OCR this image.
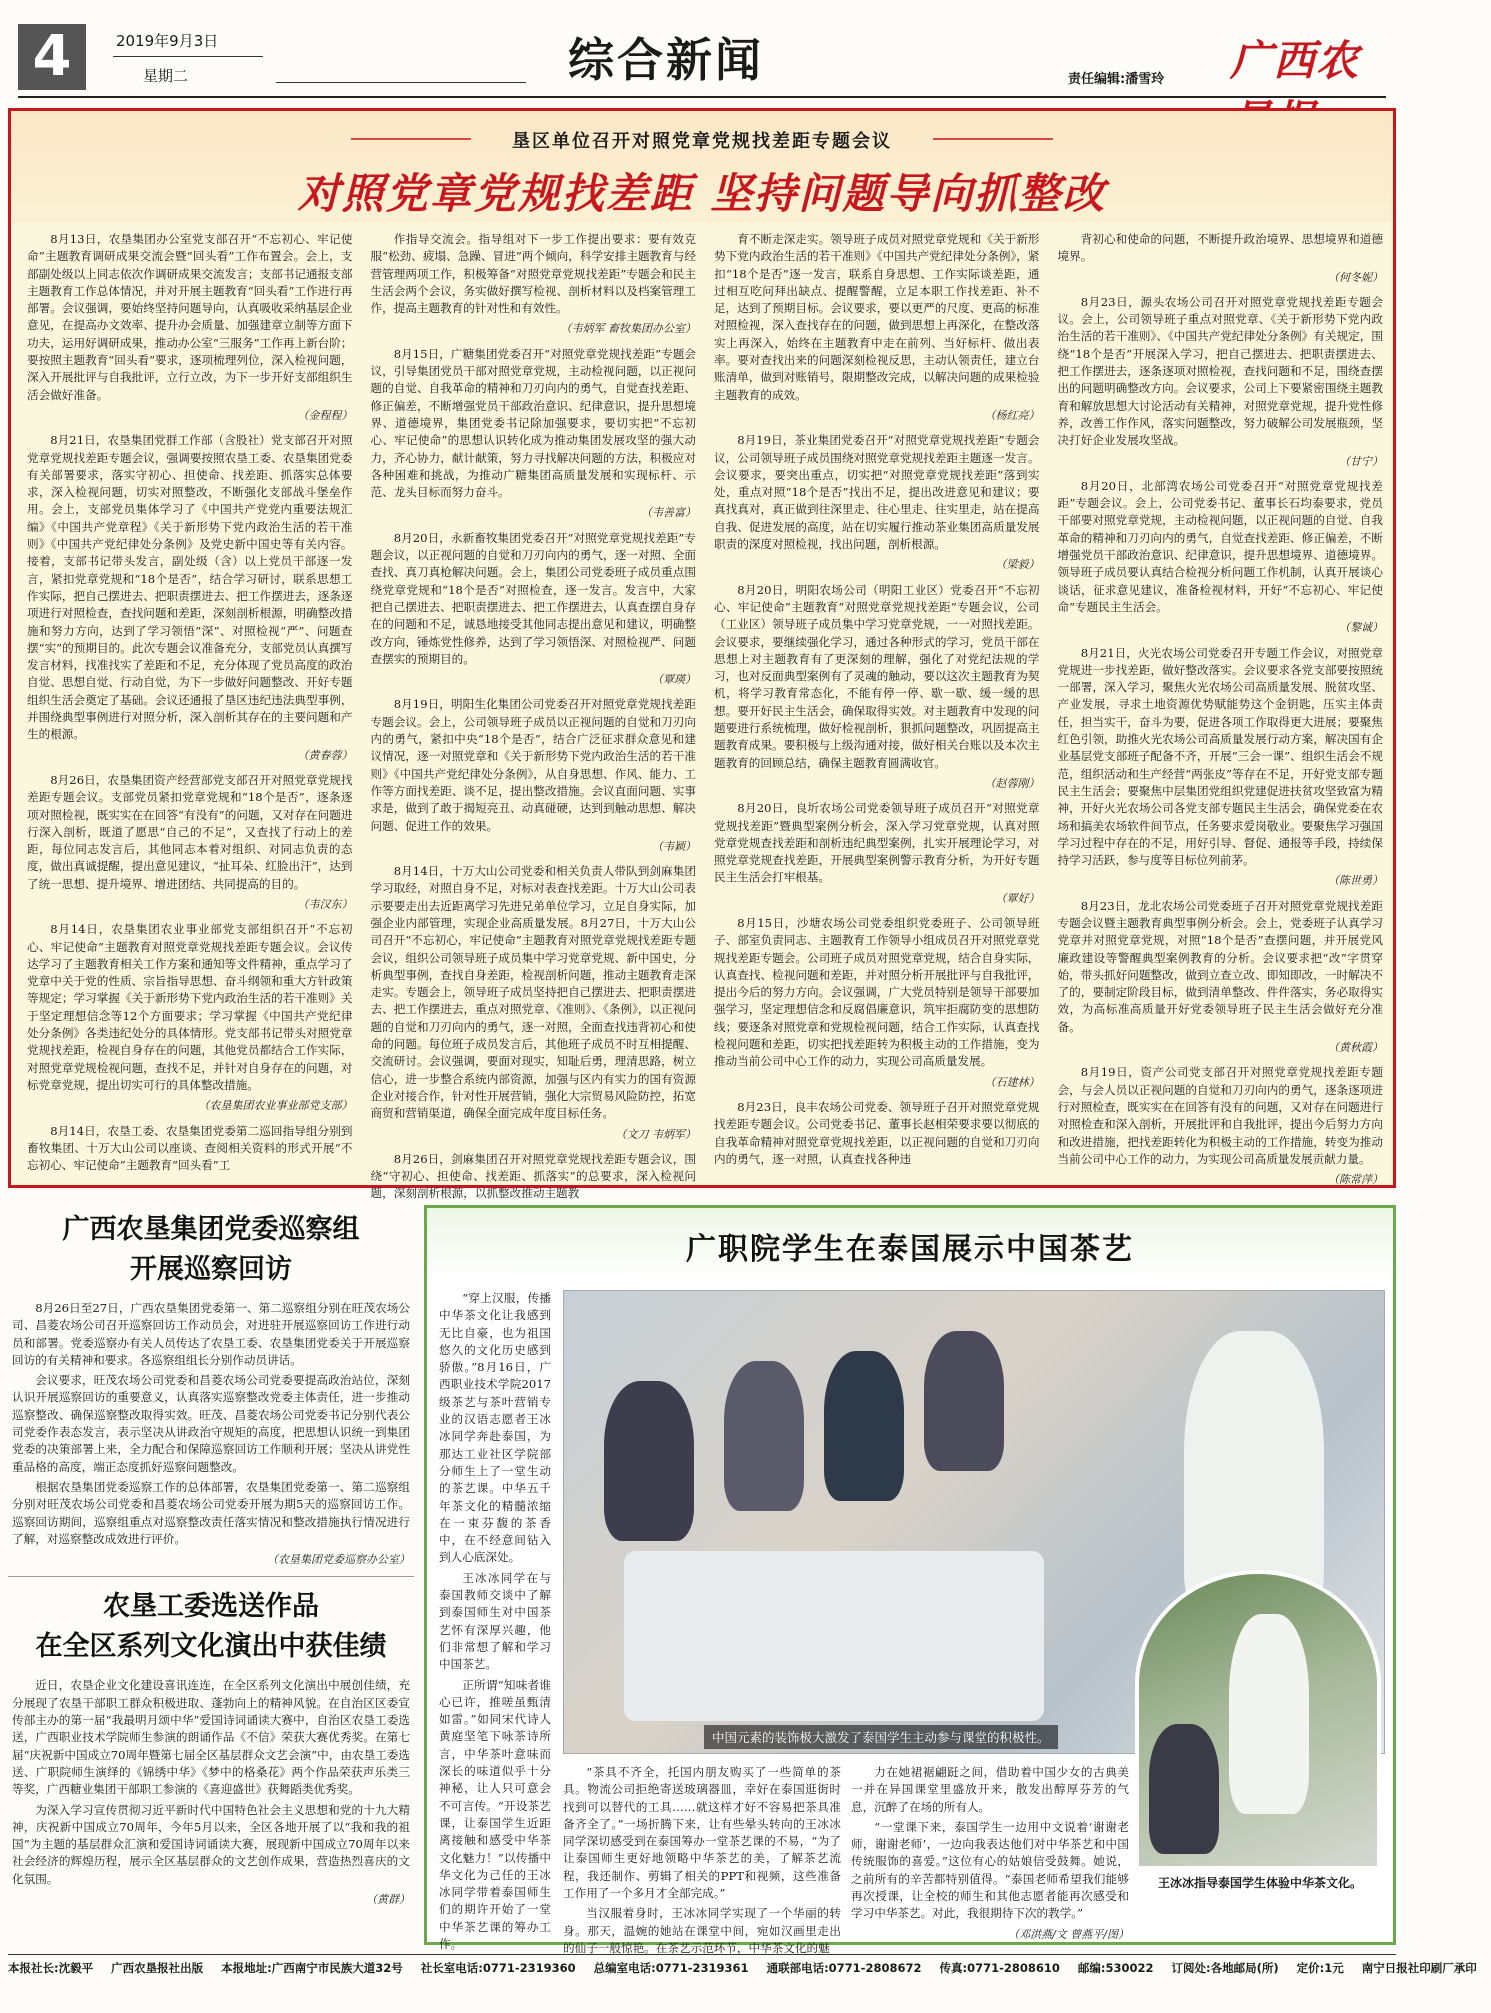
4	2019年9月3日
星期二	综合新闻	责任编辑:潘雪玲 广西农
垦区单位召开对照党章党规找差距专题会议
对照党章党规找差距 坚持问题导向抓整改

8月13日，农垦集团办公室党支部召开“不忘初心、牢记使命”主题教育调研成果交流会暨“回头看”工作布置会。会上，支部副处级以上同志依次作调研成果交流发言；支部书记通报支部主题教育工作总体情况，并对开展主题教育“回头看”工作进行再部署。会议强调，要始终坚持问题导向，认真吸收采纳基层企业意见，在提高办文效率、提升办会质量、加强建章立制等方面下功夫，运用好调研成果，推动办公室“三服务”工作再上新台阶；要按照主题教育“回头看”要求，逐项梳理列位，深入检视问题，深入开展批评与自我批评，立行立改，为下一步开好支部组织生活会做好准备。

（金程程）

8月21日，农垦集团党群工作部（含股社）党支部召开对照党章党规找差距专题会议，强调要按照农垦工委、农垦集团党委有关部署要求，落实守初心、担使命、找差距、抓落实总体要求，深入检视问题，切实对照整改，不断强化支部战斗堡垒作用。会上，支部党员集体学习了《中国共产党党内重要法规汇编》《中国共产党章程》《关于新形势下党内政治生活的若干准则》《中国共产党纪律处分条例》及党史新中国史等有关内容。接着，支部书记带头发言，副处级（含）以上党员干部逐一发言，紧扣党章党规和“18个是否”，结合学习研讨，联系思想工作实际，把自己摆进去、把职责摆进去、把工作摆进去，逐条逐项进行对照检查，查找问题和差距，深刻剖析根源，明确整改措施和努力方向，达到了学习领悟“深”、对照检视“严”、问题查摆“实”的预期目的。此次专题会议准备充分，支部党员认真撰写发言材料，找准找实了差距和不足，充分体现了党员高度的政治自觉、思想自觉、行动自觉，为下一步做好问题整改、开好专题组织生活会奠定了基础。会议还通报了垦区违纪违法典型事例，并围绕典型事例进行对照分析，深入剖析其存在的主要问题和产生的根源。

（黄春蓉）

8月26日，农垦集团资产经营部党支部召开对照党章党规找差距专题会议。支部党员紧扣党章党规和“18个是否”，逐条逐项对照检视，既实实在在回答“有没有”的问题，又对存在问题进行深入剖析，既道了愿思“自己的不足”，又查找了行动上的差距，每位同志发言后，其他同志本着对组织、对同志负责的态度，做出真诚提醒，提出意见建议，“扯耳朵、红脸出汗”，达到了统一思想、提升境界、增进团结、共同提高的目的。

（韦汉东）

8月14日，农垦集团农业事业部党支部组织召开“不忘初心、牢记使命”主题教育对照党章党规找差距专题会议。会议传达学习了主题教育相关工作方案和通知等文件精神，重点学习了党章中关于党的性质、宗旨指导思想、奋斗纲领和重大方针政策等规定；学习掌握《关于新形势下党内政治生活的若干准则》关于坚定理想信念等12个方面要求；学习掌握《中国共产党纪律处分条例》各类违纪处分的具体情形。党支部书记带头对照党章党规找差距，检视自身存在的问题，其他党员都结合工作实际，对照党章党规检视问题，查找不足，并针对自身存在的问题，对标党章党规，提出切实可行的具体整改措施。

（农垦集团农业事业部党支部）

8月14日，农垦工委、农垦集团党委第二巡回指导组分别到畜牧集团、十万大山公司以座谈、查阅相关资料的形式开展“不忘初心、牢记使命”主题教育“回头看”工

作指导交流会。指导组对下一步工作提出要求：要有效克服“松劲、疲塌、急躁、冒进”两个倾向，科学安排主题教育与经营管理两项工作，积极筹备“对照党章党规找差距”专题会和民主生活会两个会议，务实做好撰写检视、剖析材料以及档案管理工作，提高主题教育的针对性和有效性。

（韦炳军 畜牧集团办公室）

8月15日，广糖集团党委召开“对照党章党规找差距”专题会议，引导集团党员干部对照党章党规，主动检视问题，以正视问题的自觉、自我革命的精神和刀刃向内的勇气，自觉查找差距、修正偏差，不断增强党员干部政治意识、纪律意识，提升思想境界、道德境界，集团党委书记除加强要求，要切实把“不忘初心、牢记使命”的思想认识转化成为推动集团发展攻坚的强大动力，齐心协力，献计献策，努力寻找解决问题的方法，积极应对各种困难和挑战，为推动广糖集团高质量发展和实现标杆、示范、龙头目标而努力奋斗。

（韦善富）

8月20日，永新畜牧集团党委召开“对照党章党规找差距”专题会议，以正视问题的自觉和刀刃向内的勇气，逐一对照、全面查找、真刀真枪解决问题。会上，集团公司党委班子成员重点围绕党章党规和“18个是否”对照检查，逐一发言。发言中，大家把自己摆进去、把职责摆进去、把工作摆进去，认真查摆自身存在的问题和不足，诚恳地接受其他同志提出意见和建议，明确整改方向，锤炼党性修养，达到了学习领悟深、对照检视严、问题查摆实的预期目的。

（覃瑛）

8月19日，明阳生化集团公司党委召开对照党章党规找差距专题会议。会上，公司领导班子成员以正视问题的自觉和刀刃向内的勇气，紧扣中央“18个是否”，结合广泛征求群众意见和建议情况，逐一对照党章和《关于新形势下党内政治生活的若干准则》《中国共产党纪律处分条例》，从自身思想、作风、能力、工作等方面找差距、谈不足，提出整改措施。会议直面问题、实事求是，做到了敢于揭短亮丑、动真碰硬，达到到触动思想、解决问题、促进工作的效果。

（韦颖）

8月14日，十万大山公司党委和相关负责人带队到剑麻集团学习取经，对照自身不足，对标对表查找差距。十万大山公司表示要要走出去近距离学习先进兄弟单位学习，立足自身实际，加强企业内部管理，实现企业高质量发展。8月27日，十万大山公司召开“不忘初心，牢记使命”主题教育对照党章党规找差距专题会议，组织公司领导班子成员集中学习党章党规、新中国史，分析典型事例，查找自身差距，检视剖析问题，推动主题教育走深走实。专题会上，领导班子成员坚持把自己摆进去、把职责摆进去、把工作摆进去，重点对照党章、《准则》、《条例》，以正视问题的自觉和刀刃向内的勇气，逐一对照，全面查找违背初心和使命的问题。每位班子成员发言后，其他班子成员不时互相提醒、交流研讨。会议强调，要面对现实，知耻后勇，理清思路，树立信心，进一步整合系统内部资源，加强与区内有实力的国有资源企业对接合作，针对性开展营销，强化大宗贸易风险防控，拓宽商贸和营销渠道，确保全面完成年度目标任务。

（文刀 韦炳军）

8月26日，剑麻集团召开对照党章党规找差距专题会议，围绕“守初心、担使命、找差距、抓落实”的总要求，深入检视问题，深刻剖析根源，以抓整改推动主题教

育不断走深走实。领导班子成员对照党章党规和《关于新形势下党内政治生活的若干准则》《中国共产党纪律处分条例》，紧扣“18个是否”逐一发言，联系自身思想、工作实际谈差距，通过相互吃问拜出缺点、提醒警醒，立足本职工作找差距、补不足，达到了预期目标。会议要求，要以更严的尺度、更高的标准对照检视，深入查找存在的问题，做到思想上再深化，在整改落实上再深入，始终在主题教育中走在前列、当好标杆、做出表率。要对查找出来的问题深刻检视反思，主动认领责任，建立台账清单，做到对账销号，限期整改完成，以解决问题的成果检验主题教育的成效。

（杨红亮）

8月19日，茶业集团党委召开“对照党章党规找差距”专题会议，公司领导班子成员围绕对照党章党规找差距主题逐一发言。会议要求，要突出重点，切实把“对照党章党规找差距”落到实处，重点对照“18个是否”找出不足，提出改进意见和建议；要真找真对，真正做到往深里走、往心里走、往实里走，站在提高自我、促进发展的高度，站在切实履行推动茶业集团高质量发展职责的深度对照检视，找出问题，剖析根源。

（梁毅）

8月20日，明阳农场公司（明阳工业区）党委召开“不忘初心、牢记使命”主题教育“对照党章党规找差距”专题会议，公司（工业区）领导班子成员集中学习党章党规，一一对照找差距。会议要求，要继续强化学习，通过各种形式的学习，党员干部在思想上对主题教育有了更深刻的理解，强化了对党纪法规的学习，也对反面典型案例有了灵魂的触动，要以这次主题教育为契机，将学习教育常态化，不能有停一停、歇一歇、缓一缓的思想。要开好民主生活会，确保取得实效。对主题教育中发现的问题要进行系统梳理，做好检视剖析，狠抓问题整改，巩固提高主题教育成果。要积极与上级沟通对接，做好相关台账以及本次主题教育的回顾总结，确保主题教育圆满收官。

（赵蓉刚）

8月20日，良圻农场公司党委领导班子成员召开“对照党章党规找差距”暨典型案例分析会，深入学习党章党规，认真对照党章党规查找差距和剖析违纪典型案例，扎实开展理论学习，对照党章党规查找差距，开展典型案例警示教育分析，为开好专题民主生活会打牢根基。

（覃好）

8月15日，沙塘农场公司党委组织党委班子、公司领导班子、部室负责同志、主题教育工作领导小组成员召开对照党章党规找差距专题会。公司班子成员对照党章党规，结合自身实际，认真查找、检视问题和差距，并对照分析开展批评与自我批评，提出今后的努力方向。会议强调，广大党员特别是领导干部要加强学习，坚定理想信念和反腐倡廉意识，筑牢拒腐防变的思想防线；要逐条对照党章和党规检视问题，结合工作实际，认真查找检视问题和差距，切实把找差距转为积极主动的工作措施，变为推动当前公司中心工作的动力，实现公司高质量发展。

（石建林）

8月23日，良丰农场公司党委、领导班子召开对照党章党规找差距专题会议。公司党委书记、董事长赵相荣要求要以彻底的自我革命精神对照党章党规找差距，以正视问题的自觉和刀刃向内的勇气，逐一对照，认真查找各种违

背初心和使命的问题，不断提升政治境界、思想境界和道德境界。

（何冬妮）

8月23日，源头农场公司召开对照党章党规找差距专题会议。会上，公司领导班子重点对照党章、《关于新形势下党内政治生活的若干准则》、《中国共产党纪律处分条例》有关规定，围绕“18个是否”开展深入学习，把自己摆进去、把职责摆进去、把工作摆进去，逐条逐项对照检视，查找问题和不足，围绕查摆出的问题明确整改方向。会议要求，公司上下要紧密围绕主题教育和解放思想大讨论活动有关精神，对照党章党规，提升党性修养，改善工作作风，落实问题整改，努力破解公司发展瓶颈，坚决打好企业发展攻坚战。

（甘宁）

8月20日，北部湾农场公司党委召开“对照党章党规找差距”专题会议。会上，公司党委书记、董事长石均泰要求，党员干部要对照党章党规，主动检视问题，以正视问题的自觉、自我革命的精神和刀刃向内的勇气，自觉查找差距、修正偏差，不断增强党员干部政治意识、纪律意识，提升思想境界、道德境界。领导班子成员要认真结合检视分析问题工作机制，认真开展谈心谈话，征求意见建议，准备检视材料，开好“不忘初心、牢记使命”专题民主生活会。

（黎诚）

8月21日，火光农场公司党委召开专题工作会议，对照党章党规进一步找差距，做好整改落实。会议要求各党支部要按照统一部署，深入学习，聚焦火光农场公司高质量发展、脱贫攻坚、产业发展，寻求土地资源优势赋能势这个金钥匙，压实主体责任，担当实干，奋斗为要，促进各项工作取得更大进展；要聚焦红色引领，助推火光农场公司高质量发展行动方案，解决国有企业基层党支部班子配备不齐，开展“三会一课”、组织生活会不规范，组织活动和生产经营“两张皮”等存在不足，开好党支部专题民主生活会；要聚焦中层集团党组织党建促进扶贫攻坚致富为精神，开好火光农场公司各党支部专题民主生活会，确保党委在农场和搞美农场软件间节点，任务要求爱岗敬业。要聚焦学习强国学习过程中存在的不足，用好引导、督促、通报等手段，持续保持学习活跃，参与度等目标位列前茅。

（陈世勇）

8月23日，龙北农场公司党委班子召开对照党章党规找差距专题会议暨主题教育典型事例分析会。会上，党委班子认真学习党章并对照党章党规，对照“18个是否”查摆问题，并开展党风廉政建设等警醒典型案例教育的分析。会议要求把“改”字贯穿始，带头抓好问题整改，做到立查立改、即知即改，一时解决不了的，要制定阶段目标，做到清单整改、件件落实，务必取得实效，为高标准高质量开好党委领导班子民主生活会做好充分准备。

（黄秋霞）

8月19日，资产公司党支部召开对照党章党规找差距专题会，与会人员以正视问题的自觉和刀刃向内的勇气，逐条逐项进行对照检查，既实实在在回答有没有的问题，又对存在问题进行对照检查和深入剖析，开展批评和自我批评，提出今后努力方向和改进措施，把找差距转化为积极主动的工作措施，转变为推动当前公司中心工作的动力，为实现公司高质量发展贡献力量。

（陈常萍）
广西农垦集团党委巡察组
开展巡察回访

8月26日至27日，广西农垦集团党委第一、第二巡察组分别在旺茂农场公司、昌菱农场公司召开巡察回访工作动员会，对进驻开展巡察回访工作进行动员和部署。党委巡察办有关人员传达了农垦工委、农垦集团党委关于开展巡察回访的有关精神和要求。各巡察组组长分别作动员讲话。

会议要求，旺茂农场公司党委和昌菱农场公司党委要提高政治站位，深刻认识开展巡察回访的重要意义，认真落实巡察整改党委主体责任，进一步推动巡察整改、确保巡察整改取得实效。旺茂、昌菱农场公司党委书记分别代表公司党委作表态发言，表示坚决从讲政治守规矩的高度，把思想认识统一到集团党委的决策部署上来，全力配合和保障巡察回访工作顺利开展；坚决从讲党性重品格的高度，端正态度抓好巡察问题整改。

根据农垦集团党委巡察工作的总体部署，农垦集团党委第一、第二巡察组分别对旺茂农场公司党委和昌菱农场公司党委开展为期5天的巡察回访工作。巡察回访期间，巡察组重点对巡察整改责任落实情况和整改措施执行情况进行了解，对巡察整改成效进行评价。

（农垦集团党委巡察办公室）
农垦工委选送作品
在全区系列文化演出中获佳绩

近日，农垦企业文化建设喜讯连连，在全区系列文化演出中展创佳绩，充分展现了农垦干部职工群众积极进取、蓬勃向上的精神风貌。在自治区区委宣传部主办的第一届“我最明月颂中华”爱国诗词诵读大赛中，自治区农垦工委选送，广西职业技术学院师生参演的朗诵作品《不信》荣获大赛优秀奖。在第七届“庆祝新中国成立70周年暨第七届全区基层群众文艺会演”中，由农垦工委选送、广职院师生演绎的《锦绣中华》《梦中的格桑花》两个作品荣获声乐类三等奖，广西糖业集团干部职工参演的《喜迎盛世》获舞蹈类优秀奖。

为深入学习宣传贯彻习近平新时代中国特色社会主义思想和党的十九大精神，庆祝新中国成立70周年，今年5月以来，全区各地开展了以“我和我的祖国”为主题的基层群众汇演和爱国诗词诵读大赛，展现新中国成立70周年以来社会经济的辉煌历程，展示全区基层群众的文艺创作成果，营造热烈喜庆的文化氛围。

（黄群）
广职院学生在泰国展示中国茶艺

“穿上汉服，传播中华茶文化让我感到无比自豪，也为祖国悠久的文化历史感到骄傲。”8月16日，广西职业技术学院2017级茶艺与茶叶营销专业的汉语志愿者王冰冰同学奔赴泰国，为那达工业社区学院部分师生上了一堂生动的茶艺课。中华五千年茶文化的精髓浓缩在一束芬馥的茶香中，在不经意间钻入到人心底深处。

王冰冰同学在与泰国教师交谈中了解到泰国师生对中国茶艺怀有深厚兴趣，他们非常想了解和学习中国茶艺。

正所谓“知味者谁心已许，推嗟虽甄清如雷。”如同宋代诗人黄庭坚笔下咏茶诗所言，中华茶叶意味而深长的味道似乎十分神秘，让人只可意会不可言传。“开设茶艺课，让泰国学生近距离接触和感受中华茶文化魅力！”以传播中华文化为己任的王冰冰同学带着泰国师生们的期许开始了一堂中华茶艺课的筹办工作。

中国元素的装饰极大激发了泰国学生主动参与课堂的积极性。
王冰冰指导泰国学生体验中华茶文化。

“茶具不齐全，托国内朋友购买了一些简单的茶具。物流公司拒绝寄送玻璃器皿，幸好在泰国逛街时找到可以替代的工具……就这样才好不容易把茶具准备齐全了。”一场折腾下来，让有些晕头转向的王冰冰同学深切感受到在泰国筹办一堂茶艺课的不易，“为了让泰国师生更好地领略中华茶艺的美，了解茶艺流程，我还制作、剪辑了相关的PPT和视频，这些准备工作用了一个多月才全部完成。”

当汉服着身时，王冰冰同学实现了一个华丽的转身。那天，温婉的她站在课堂中间，宛如汉画里走出的仙子一般惊艳。在茶艺示范环节，中华茶文化的魅

力在她裙裾翩跹之间，借助着中国少女的古典美一并在异国课堂里盛放开来，散发出醇厚芬芳的气息，沉醉了在场的所有人。

“一堂课下来，泰国学生一边用中文说着‘谢谢老师，谢谢老师’，一边向我表达他们对中华茶艺和中国传统服饰的喜爱。”这位有心的姑娘信受鼓舞。她说，之前所有的辛苦都特别值得。“泰国老师希望我们能够再次授课，让全校的师生和其他志愿者能再次感受和学习中华茶艺。对此，我很期待下次的教学。”

（邓洪燕/文 曾燕平/图）
本报社长:沈毅平 广西农垦报社出版 本报地址:广西南宁市民族大道32号 社长室电话:0771-2319360 总编室电话:0771-2319361 通联部电话:0771-2808672 传真:0771-2808610 邮编:530022 订阅处:各地邮局(所) 定价:1元 南宁日报社印刷厂承印
